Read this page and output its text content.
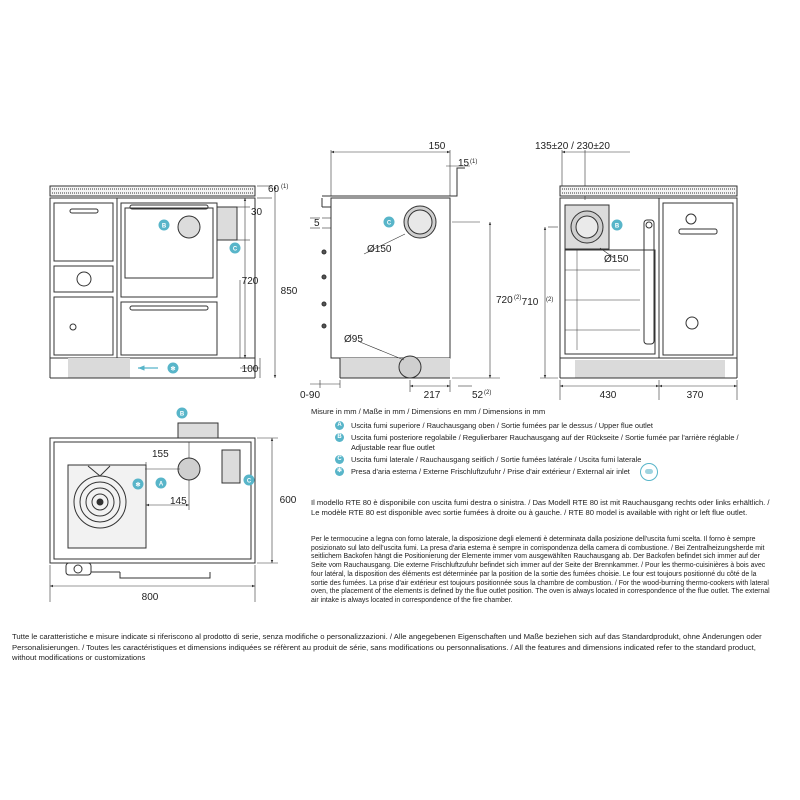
60 (1)
30
720
850
100
B
C
✻
150
15 (1)
5
Ø150
720 (2)
Ø95
0-90	217	52 (2)
C
135±20 / 230±20
Ø150
710 (2)
430	370
B
155
145	600
800
B
A
✻
C
Misure in mm / Maße in mm / Dimensions en mm / Dimensions in mm
A	Uscita fumi superiore / Rauchausgang oben / Sortie fumées par le dessus / Upper flue outlet
B	Uscita fumi posteriore regolabile / Regulierbarer Rauchausgang auf der Rückseite / Sortie fumée par l'arrière réglable / Adjustable rear flue outlet
C	Uscita fumi laterale / Rauchausgang seitlich / Sortie fumées latérale / Uscita fumi laterale
✻ Presa d'aria esterna / Externe Frischluftzufuhr / Prise d'air extérieur / External air inlet
Il modello RTE 80 è disponibile con uscita fumi destra o sinistra. / Das Modell RTE 80 ist mit Rauchausgang rechts oder links erhältlich. / Le modèle RTE 80 est disponible avec sortie fumées à droite ou à gauche. / RTE 80 model is available with right or left flue outlet.
Per le termocucine a legna con forno laterale, la disposizione degli elementi è determinata dalla posizione dell'uscita fumi scelta. Il forno è sempre posizionato sul lato dell'uscita fumi. La presa d'aria esterna è sempre in corrispondenza della camera di combustione. / Bei Zentralheizungsherde mit seitlichem Backofen hängt die Positionierung der Elemente immer vom ausgewählten Rauchausgang ab. Der Backofen befindet sich immer auf der Seite vom Rauchausgang. Die externe Frischluftzufuhr befindet sich immer auf der Seite der Brennkammer. / Pour les thermo-cuisinières à bois avec four latéral, la disposition des éléments est déterminée par la position de la sortie des fumées choisie. Le four est toujours positionné du côté de la sortie des fumées. La prise d'air extérieur est toujours positionnée sous la chambre de combustion. / For the wood-burning thermo-cookers with lateral oven, the placement of the elements is defined by the flue outlet position. The oven is always located in correspondence of the flue outlet. The external air intake is always located in correspondence of the fire chamber.
Tutte le caratteristiche e misure indicate si riferiscono al prodotto di serie, senza modifiche o personalizzazioni. / Alle angegebenen Eigenschaften und Maße beziehen sich auf das Standardprodukt, ohne Änderungen oder Personalisierungen. / Toutes les caractéristiques et dimensions indiquées se réfèrent au produit de série, sans modifications ou personnalisations. / All the features and dimensions indicated refer to the standard product, without modifications or customizations
